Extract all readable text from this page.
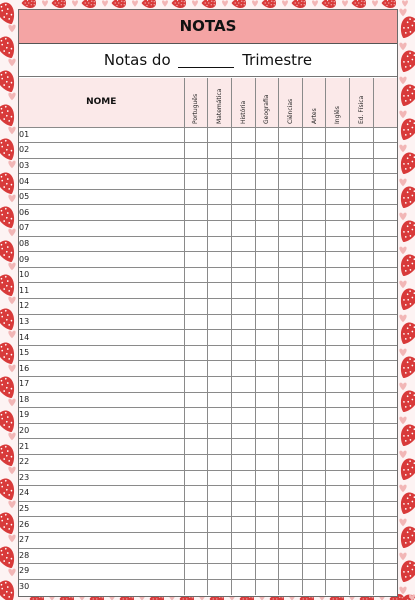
NOTAS
Notas do	Trimestre
NOME	Português	Matemática	História	Geografia	Ciências	Artes	Inglês	Ed. Física	

01									
02									
03									
04									
05									
06									
07									
08									
09									
10									
11									
12									
13									
14									
15									
16									
17									
18									
19									
20									
21									
22									
23									
24									
25									
26									
27									
28									
29									
30									
